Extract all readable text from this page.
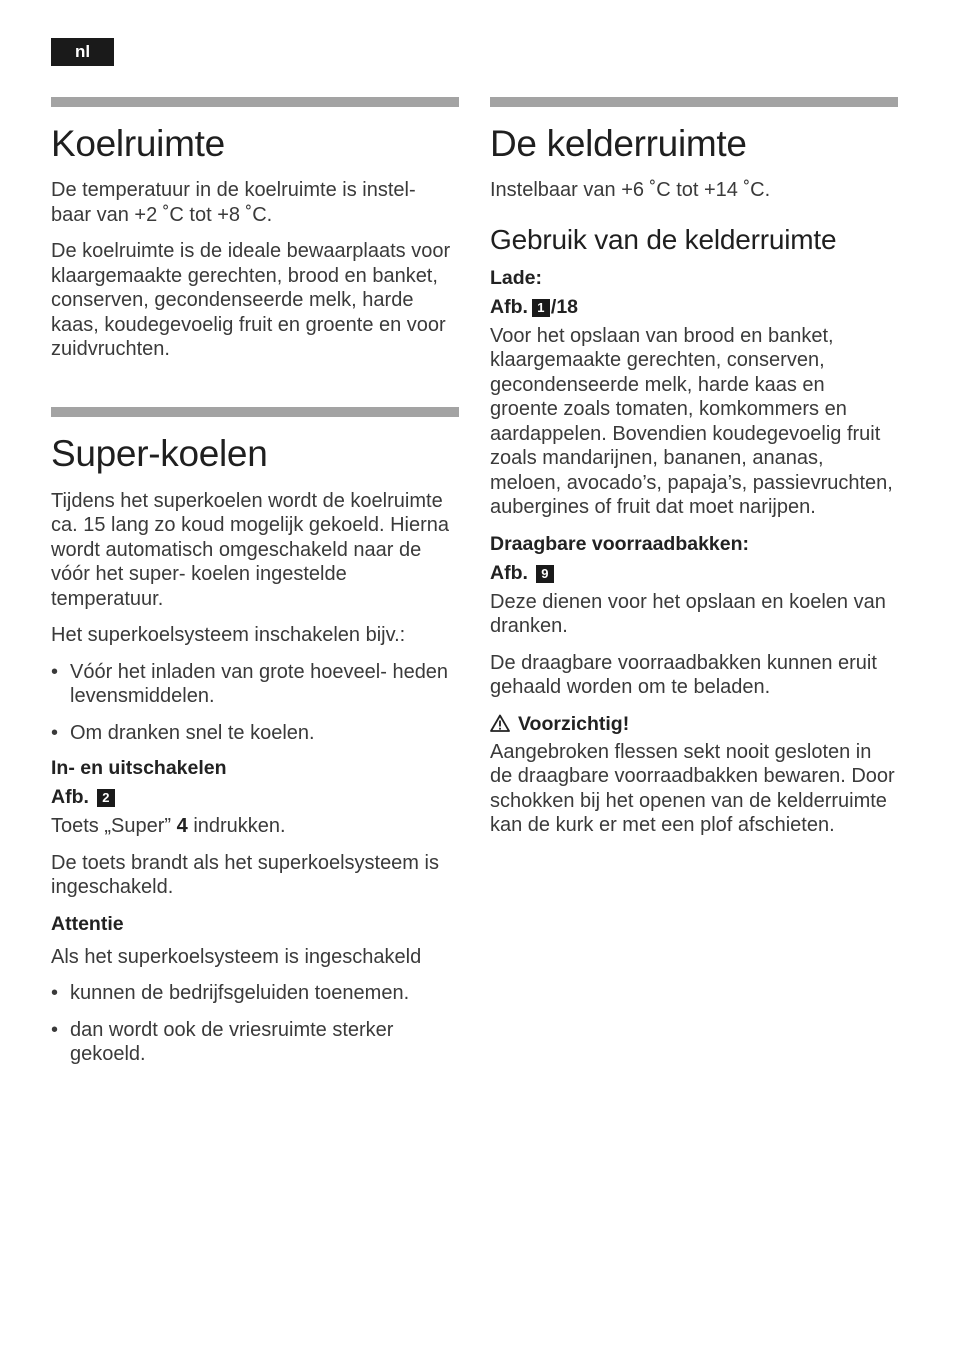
nl
Koelruimte

De temperatuur in de koelruimte is instel- baar van +2 ˚C tot +8 ˚C.

De koelruimte is de ideale bewaarplaats voor klaargemaakte gerechten, brood en banket, conserven, gecondenseerde melk, harde kaas, koudegevoelig fruit en groente en voor zuidvruchten.

Super-koelen

Tijdens het superkoelen wordt de koelruimte ca. 15 lang zo koud mogelijk gekoeld. Hierna wordt automatisch omgeschakeld naar de vóór het super- koelen ingestelde temperatuur.

Het superkoelsysteem inschakelen bijv.:

• Vóór het inladen van grote hoeveel- heden levensmiddelen.
• Om dranken snel te koelen.
In- en uitschakelen
Afb. 2

Toets „Super” 4 indrukken.

De toets brandt als het superkoelsysteem is ingeschakeld.

Attentie

Als het superkoelsysteem is ingeschakeld

• kunnen de bedrijfsgeluiden toenemen.
• dan wordt ook de vriesruimte sterker gekoeld.
De kelderruimte

Instelbaar van +6 ˚C tot +14 ˚C.

Gebruik van de kelderruimte
Lade:
Afb. 1 /18

Voor het opslaan van brood en banket, klaargemaakte gerechten, conserven, gecondenseerde melk, harde kaas en groente zoals tomaten, komkommers en aardappelen. Bovendien koudegevoelig fruit zoals mandarijnen, bananen, ananas, meloen, avocado’s, papaja’s, passievruchten, aubergines of fruit dat moet narijpen.

Draagbare voorraadbakken:
Afb. 9

Deze dienen voor het opslaan en koelen van dranken.

De draagbare voorraadbakken kunnen eruit gehaald worden om te beladen.

Voorzichtig!

Aangebroken flessen sekt nooit gesloten in de draagbare voorraadbakken bewaren. Door schokken bij het openen van de kelderruimte kan de kurk er met een plof afschieten.
